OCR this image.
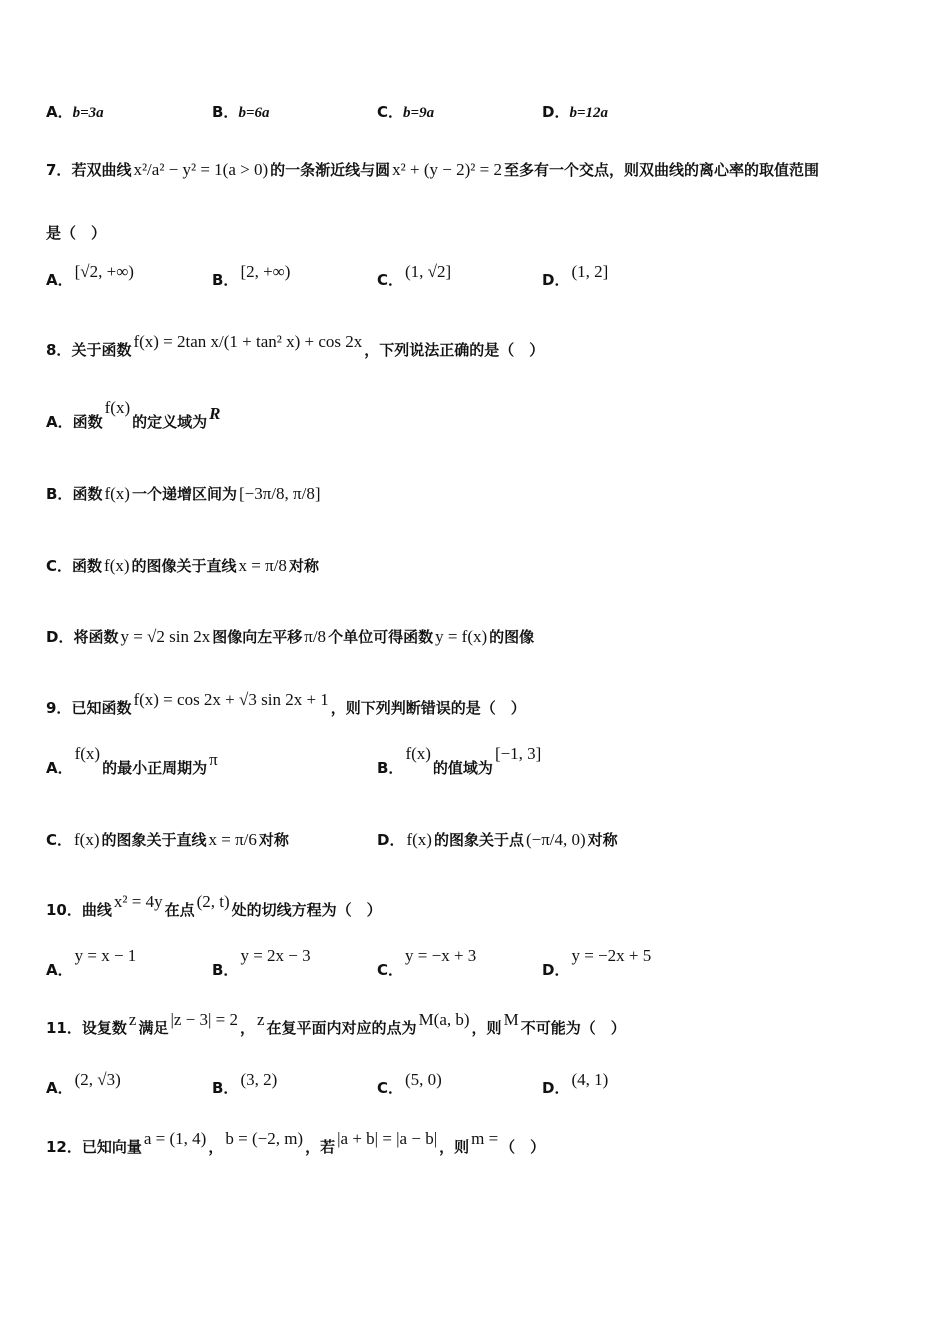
A．b=3a	B．b=6a	C．b=9a	D．b=12a
7．若双曲线 x²/a² − y² = 1(a > 0) 的一条渐近线与圆 x² + (y − 2)² = 2 至多有一个交点，则双曲线的离心率的取值范围
是（　）
A． [√2, +∞)	B． [2, +∞)	C． (1, √2]	D． (1, 2]
8．关于函数 f(x) = 2tan x/(1 + tan² x) + cos 2x ，下列说法正确的是（　）
A．函数f(x)的定义域为 R
B．函数 f(x) 一个递增区间为 [−3π/8, π/8]
C．函数 f(x) 的图像关于直线 x = π/8 对称
D．将函数 y = √2 sin 2x 图像向左平移 π/8 个单位可得函数 y = f(x) 的图像
9．已知函数 f(x) = cos 2x + √3 sin 2x + 1 ，则下列判断错误的是（　）
A．f(x)的最小正周期为 π	B．f(x)的值域为[−1, 3]
C． f(x) 的图象关于直线 x = π/6 对称	D． f(x) 的图象关于点 (−π/4, 0) 对称
10．曲线 x² = 4y 在点 (2, t) 处的切线方程为（　）
A．y = x − 1
B．y = 2x − 3
C．y = −x + 3
D．y = −2x + 5
11．设复数 z 满足 |z − 3| = 2 ， z 在复平面内对应的点为 M(a, b) ，则 M 不可能为（　）
A． (2, √3)	B． (3, 2)	C． (5, 0)	D． (4, 1)
12．已知向量 a = (1, 4) ， b = (−2, m) ，若 |a + b| = |a − b| ，则 m = （　）
